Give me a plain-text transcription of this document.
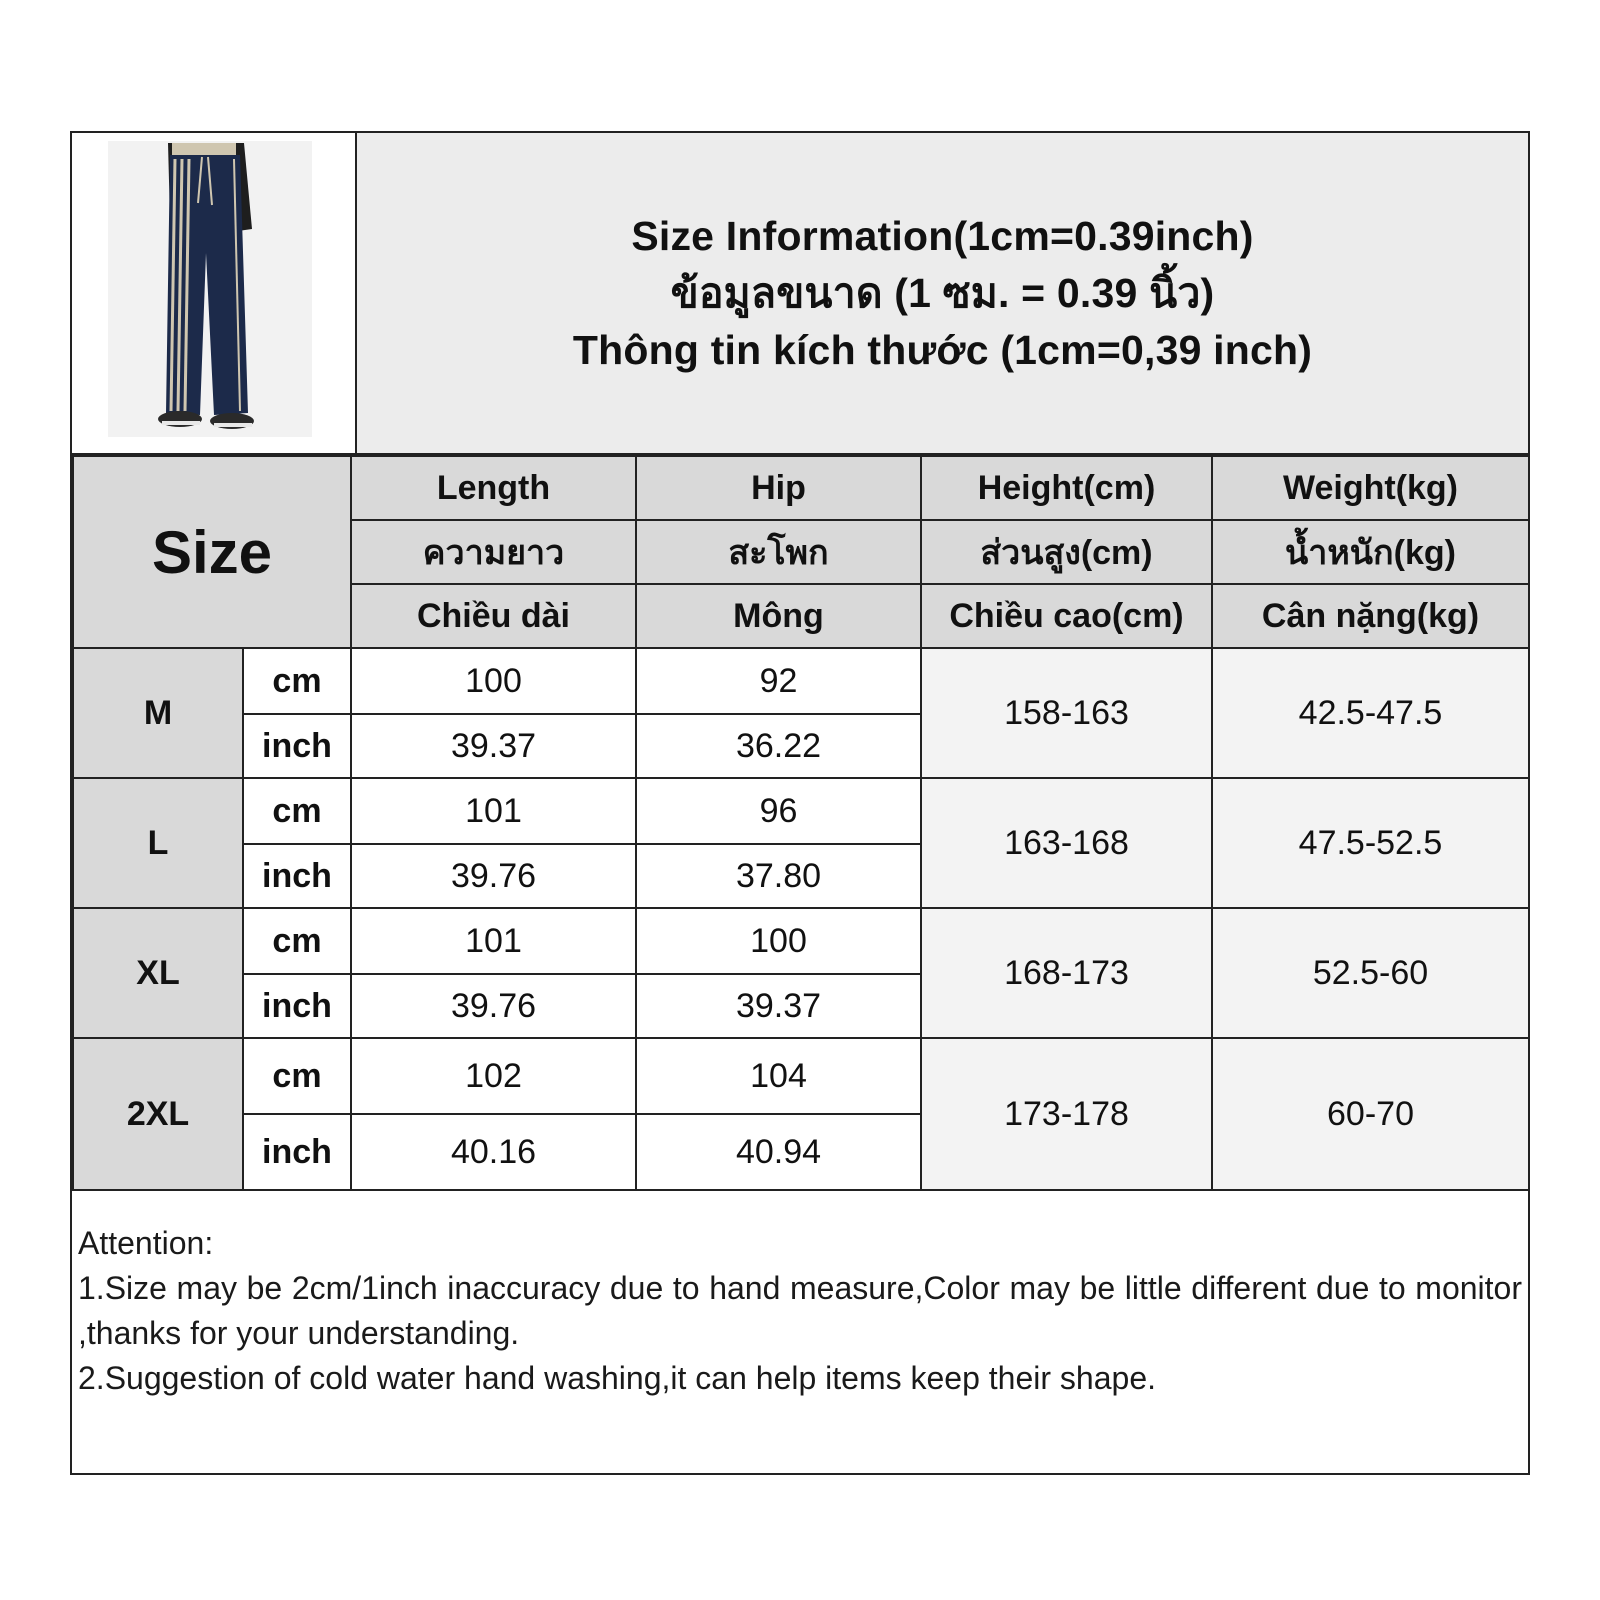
Size Information(1cm=0.39inch)
ข้อมูลขนาด (1 ซม. = 0.39 นิ้ว)
Thông tin kích thước (1cm=0,39 inch)
Size		Length	Hip	Height(cm)	Weight(kg)
		ความยาว	สะโพก	ส่วนสูง(cm)	น้ำหนัก(kg)
		Chiều dài	Mông	Chiều cao(cm)	Cân nặng(kg)
M	cm	100	92	158-163	42.5-47.5
	inch	39.37	36.22		
L	cm	101	96	163-168	47.5-52.5
	inch	39.76	37.80		
XL	cm	101	100	168-173	52.5-60
	inch	39.76	39.37		
2XL	cm	102	104	173-178	60-70
	inch	40.16	40.94		
Attention:
1.Size may be 2cm/1inch inaccuracy due to hand measure,Color may be little different due to monitor ,thanks for your understanding.
2.Suggestion of cold water hand washing,it can help items keep their shape.
